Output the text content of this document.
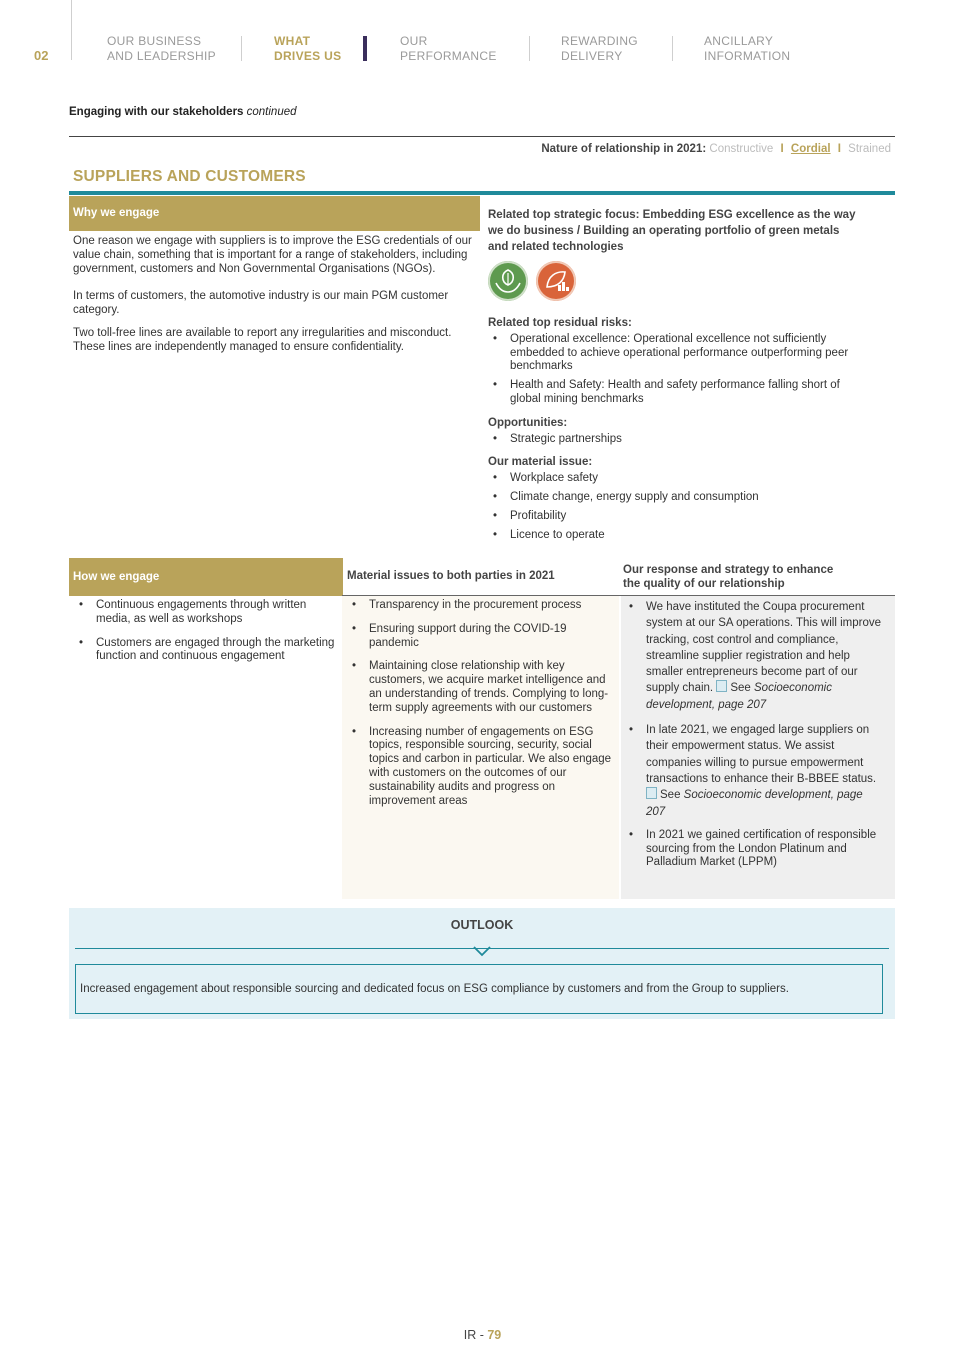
02
OUR BUSINESS
AND LEADERSHIP
WHAT
DRIVES US
OUR
PERFORMANCE
REWARDING
DELIVERY
ANCILLARY
INFORMATION
Engaging with our stakeholders continued
Nature of relationship in 2021: Constructive I Cordial I Strained
SUPPLIERS AND CUSTOMERS
Why we engage

One reason we engage with suppliers is to improve the ESG credentials of our value chain, something that is important for a range of stakeholders, including government, customers and Non Governmental Organisations (NGOs).

In terms of customers, the automotive industry is our main PGM customer category.

Two toll-free lines are available to report any irregularities and misconduct. These lines are independently managed to ensure confidentiality.

Related top strategic focus: Embedding ESG excellence as the way we do business / Building an operating portfolio of green metals and related technologies

Related top residual risks:
• Operational excellence: Operational excellence not sufficiently embedded to achieve operational performance outperforming peer benchmarks
• Health and Safety: Health and safety performance falling short of global mining benchmarks
Opportunities:
• Strategic partnerships
Our material issue:
• Workplace safety
• Climate change, energy supply and consumption
• Profitability
• Licence to operate
How we engage	Material issues to both parties in 2021	Our response and strategy to enhance
the quality of our relationship
• Continuous engagements through written media, as well as workshops
• Customers are engaged through the marketing function and continuous engagement
• Transparency in the procurement process
• Ensuring support during the COVID-19 pandemic
• Maintaining close relationship with key customers, we acquire market intelligence and an understanding of trends. Complying to long-term supply agreements with our customers
• Increasing number of engagements on ESG topics, responsible sourcing, security, social topics and carbon in particular. We also engage with customers on the outcomes of our sustainability audits and progress on improvement areas
• We have instituted the Coupa procurement system at our SA operations. This will improve tracking, cost control and compliance, streamline supplier registration and help smaller entrepreneurs become part of our supply chain. See Socioeconomic development, page 207
• In late 2021, we engaged large suppliers on their empowerment status. We assist companies willing to pursue empowerment transactions to enhance their B-BBEE status. See Socioeconomic development, page 207
• In 2021 we gained certification of responsible sourcing from the London Platinum and Palladium Market (LPPM)
OUTLOOK
Increased engagement about responsible sourcing and dedicated focus on ESG compliance by customers and from the Group to suppliers.
IR - 79
